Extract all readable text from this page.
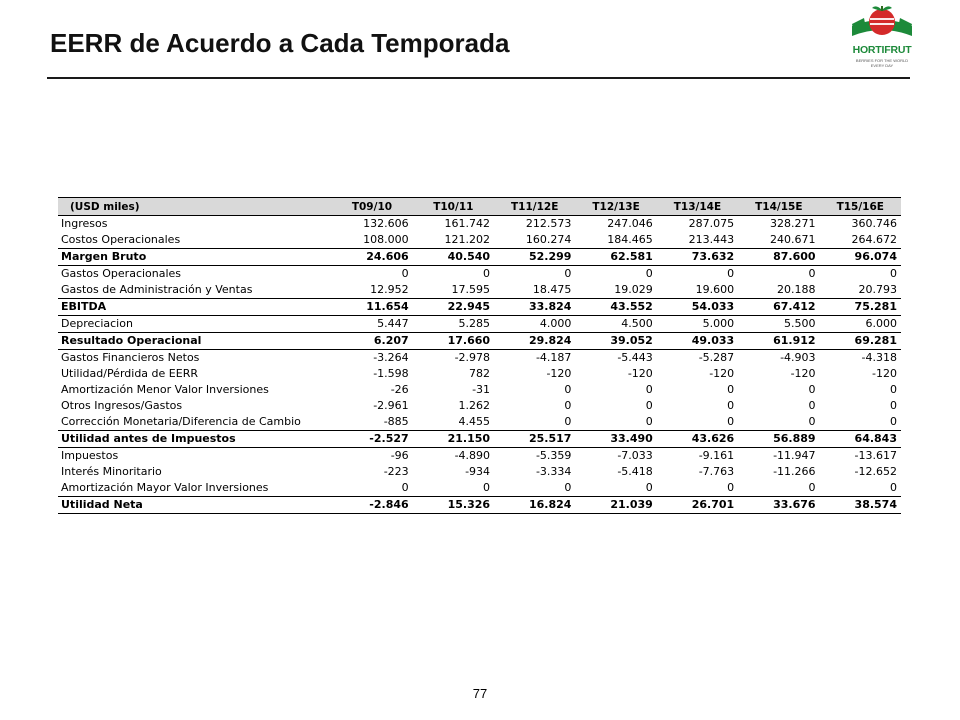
EERR de Acuerdo a Cada Temporada	HORTIFRUT
BERRIES FOR THE WORLD EVERY DAY
(USD miles)	T09/10	T10/11	T11/12E	T12/13E	T13/14E	T14/15E	T15/16E
Ingresos	132.606	161.742	212.573	247.046	287.075	328.271	360.746
Costos Operacionales	108.000	121.202	160.274	184.465	213.443	240.671	264.672
Margen Bruto	24.606	40.540	52.299	62.581	73.632	87.600	96.074
Gastos Operacionales	0	0	0	0	0	0	0
Gastos de Administración y Ventas	12.952	17.595	18.475	19.029	19.600	20.188	20.793
EBITDA	11.654	22.945	33.824	43.552	54.033	67.412	75.281
Depreciacion	5.447	5.285	4.000	4.500	5.000	5.500	6.000
Resultado Operacional	6.207	17.660	29.824	39.052	49.033	61.912	69.281
Gastos Financieros Netos	-3.264	-2.978	-4.187	-5.443	-5.287	-4.903	-4.318
Utilidad/Pérdida de EERR	-1.598	782	-120	-120	-120	-120	-120
Amortización Menor Valor Inversiones	-26	-31	0	0	0	0	0
Otros Ingresos/Gastos	-2.961	1.262	0	0	0	0	0
Corrección Monetaria/Diferencia de Cambio	-885	4.455	0	0	0	0	0
Utilidad antes de Impuestos	-2.527	21.150	25.517	33.490	43.626	56.889	64.843
Impuestos	-96	-4.890	-5.359	-7.033	-9.161	-11.947	-13.617
Interés Minoritario	-223	-934	-3.334	-5.418	-7.763	-11.266	-12.652
Amortización Mayor Valor Inversiones	0	0	0	0	0	0	0
Utilidad Neta	-2.846	15.326	16.824	21.039	26.701	33.676	38.574
77
